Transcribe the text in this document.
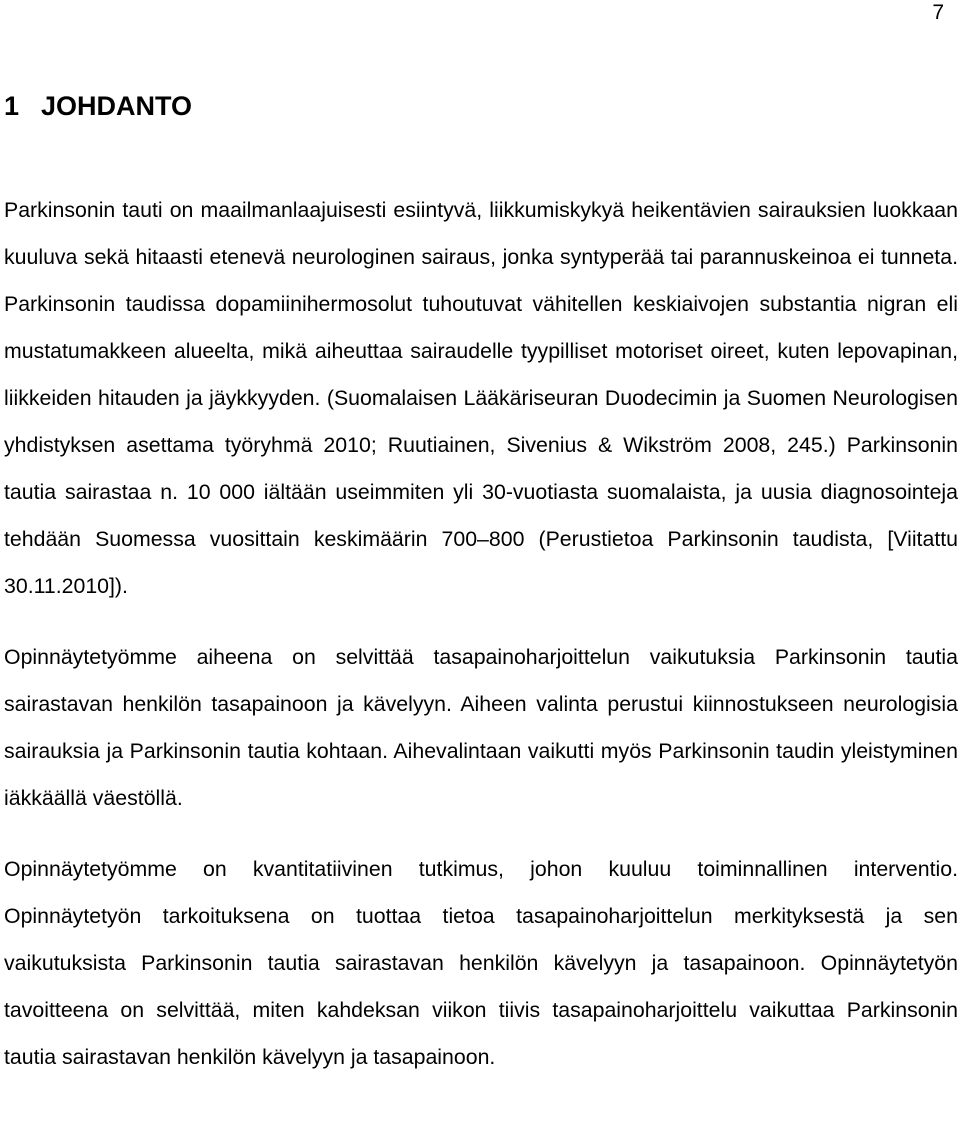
7
1 JOHDANTO

Parkinsonin tauti on maailmanlaajuisesti esiintyvä, liikkumiskykyä heikentävien sairauksien luokkaan kuuluva sekä hitaasti etenevä neurologinen sairaus, jonka syntyperää tai parannuskeinoa ei tunneta. Parkinsonin taudissa dopamiinihermosolut tuhoutuvat vähitellen keskiaivojen substantia nigran eli mustatumakkeen alueelta, mikä aiheuttaa sairaudelle tyypilliset motoriset oireet, kuten lepovapinan, liikkeiden hitauden ja jäykkyyden. (Suomalaisen Lääkäriseuran Duodecimin ja Suomen Neurologisen yhdistyksen asettama työryhmä 2010; Ruutiainen, Sivenius & Wikström 2008, 245.) Parkinsonin tautia sairastaa n. 10 000 iältään useimmiten yli 30-vuotiasta suomalaista, ja uusia diagnosointeja tehdään Suomessa vuosittain keskimäärin 700–800 (Perustietoa Parkinsonin taudista, [Viitattu 30.11.2010]).

Opinnäytetyömme aiheena on selvittää tasapainoharjoittelun vaikutuksia Parkinsonin tautia sairastavan henkilön tasapainoon ja kävelyyn. Aiheen valinta perustui kiinnostukseen neurologisia sairauksia ja Parkinsonin tautia kohtaan. Aihevalintaan vaikutti myös Parkinsonin taudin yleistyminen iäkkäällä väestöllä.

Opinnäytetyömme on kvantitatiivinen tutkimus, johon kuuluu toiminnallinen interventio. Opinnäytetyön tarkoituksena on tuottaa tietoa tasapainoharjoittelun merkityksestä ja sen vaikutuksista Parkinsonin tautia sairastavan henkilön kävelyyn ja tasapainoon. Opinnäytetyön tavoitteena on selvittää, miten kahdeksan viikon tiivis tasapainoharjoittelu vaikuttaa Parkinsonin tautia sairastavan henkilön kävelyyn ja tasapainoon.
